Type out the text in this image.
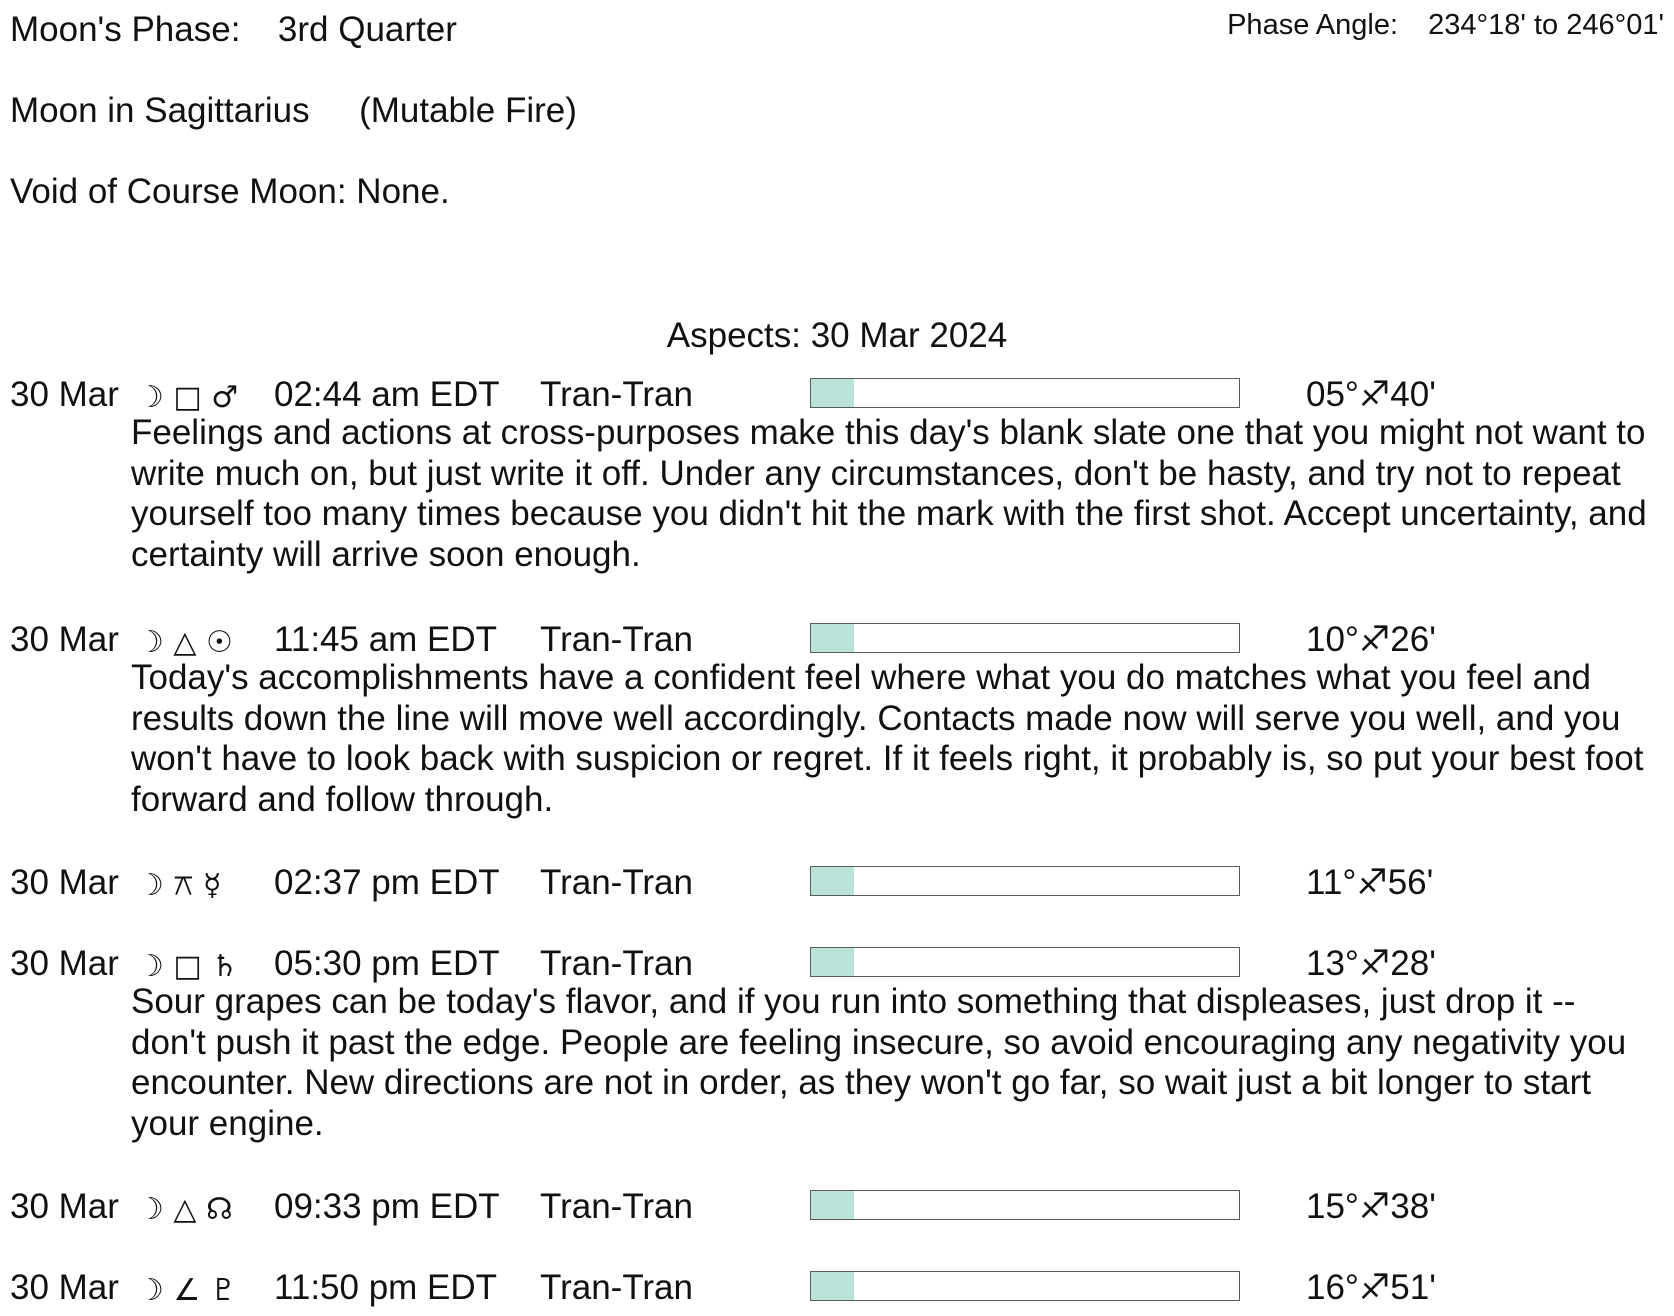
Moon's Phase: 3rd Quarter	Phase Angle: 234°18' to 246°01'
Moon in Sagittarius (Mutable Fire)
Void of Course Moon: None.
Aspects: 30 Mar 2024
30 Mar ☽ □ ♂ 02:44 am EDT Tran-Tran	05°♐40'

Feelings and actions at cross-purposes make this day's blank slate one that you might not want to write much on, but just write it off. Under any circumstances, don't be hasty, and try not to repeat yourself too many times because you didn't hit the mark with the first shot. Accept uncertainty, and certainty will arrive soon enough.

30 Mar ☽ △ ☉ 11:45 am EDT Tran-Tran	10°♐26'

Today's accomplishments have a confident feel where what you do matches what you feel and results down the line will move well accordingly. Contacts made now will serve you well, and you won't have to look back with suspicion or regret. If it feels right, it probably is, so put your best foot forward and follow through.

30 Mar ☽ ⚻ ☿ 02:37 pm EDT Tran-Tran	11°♐56'
30 Mar ☽ □ ♄ 05:30 pm EDT Tran-Tran	13°♐28'

Sour grapes can be today's flavor, and if you run into something that displeases, just drop it -- don't push it past the edge. People are feeling insecure, so avoid encouraging any negativity you encounter. New directions are not in order, as they won't go far, so wait just a bit longer to start your engine.

30 Mar ☽ △ ☊ 09:33 pm EDT Tran-Tran	15°♐38'
30 Mar ☽ ∠ ♇ 11:50 pm EDT Tran-Tran	16°♐51'
